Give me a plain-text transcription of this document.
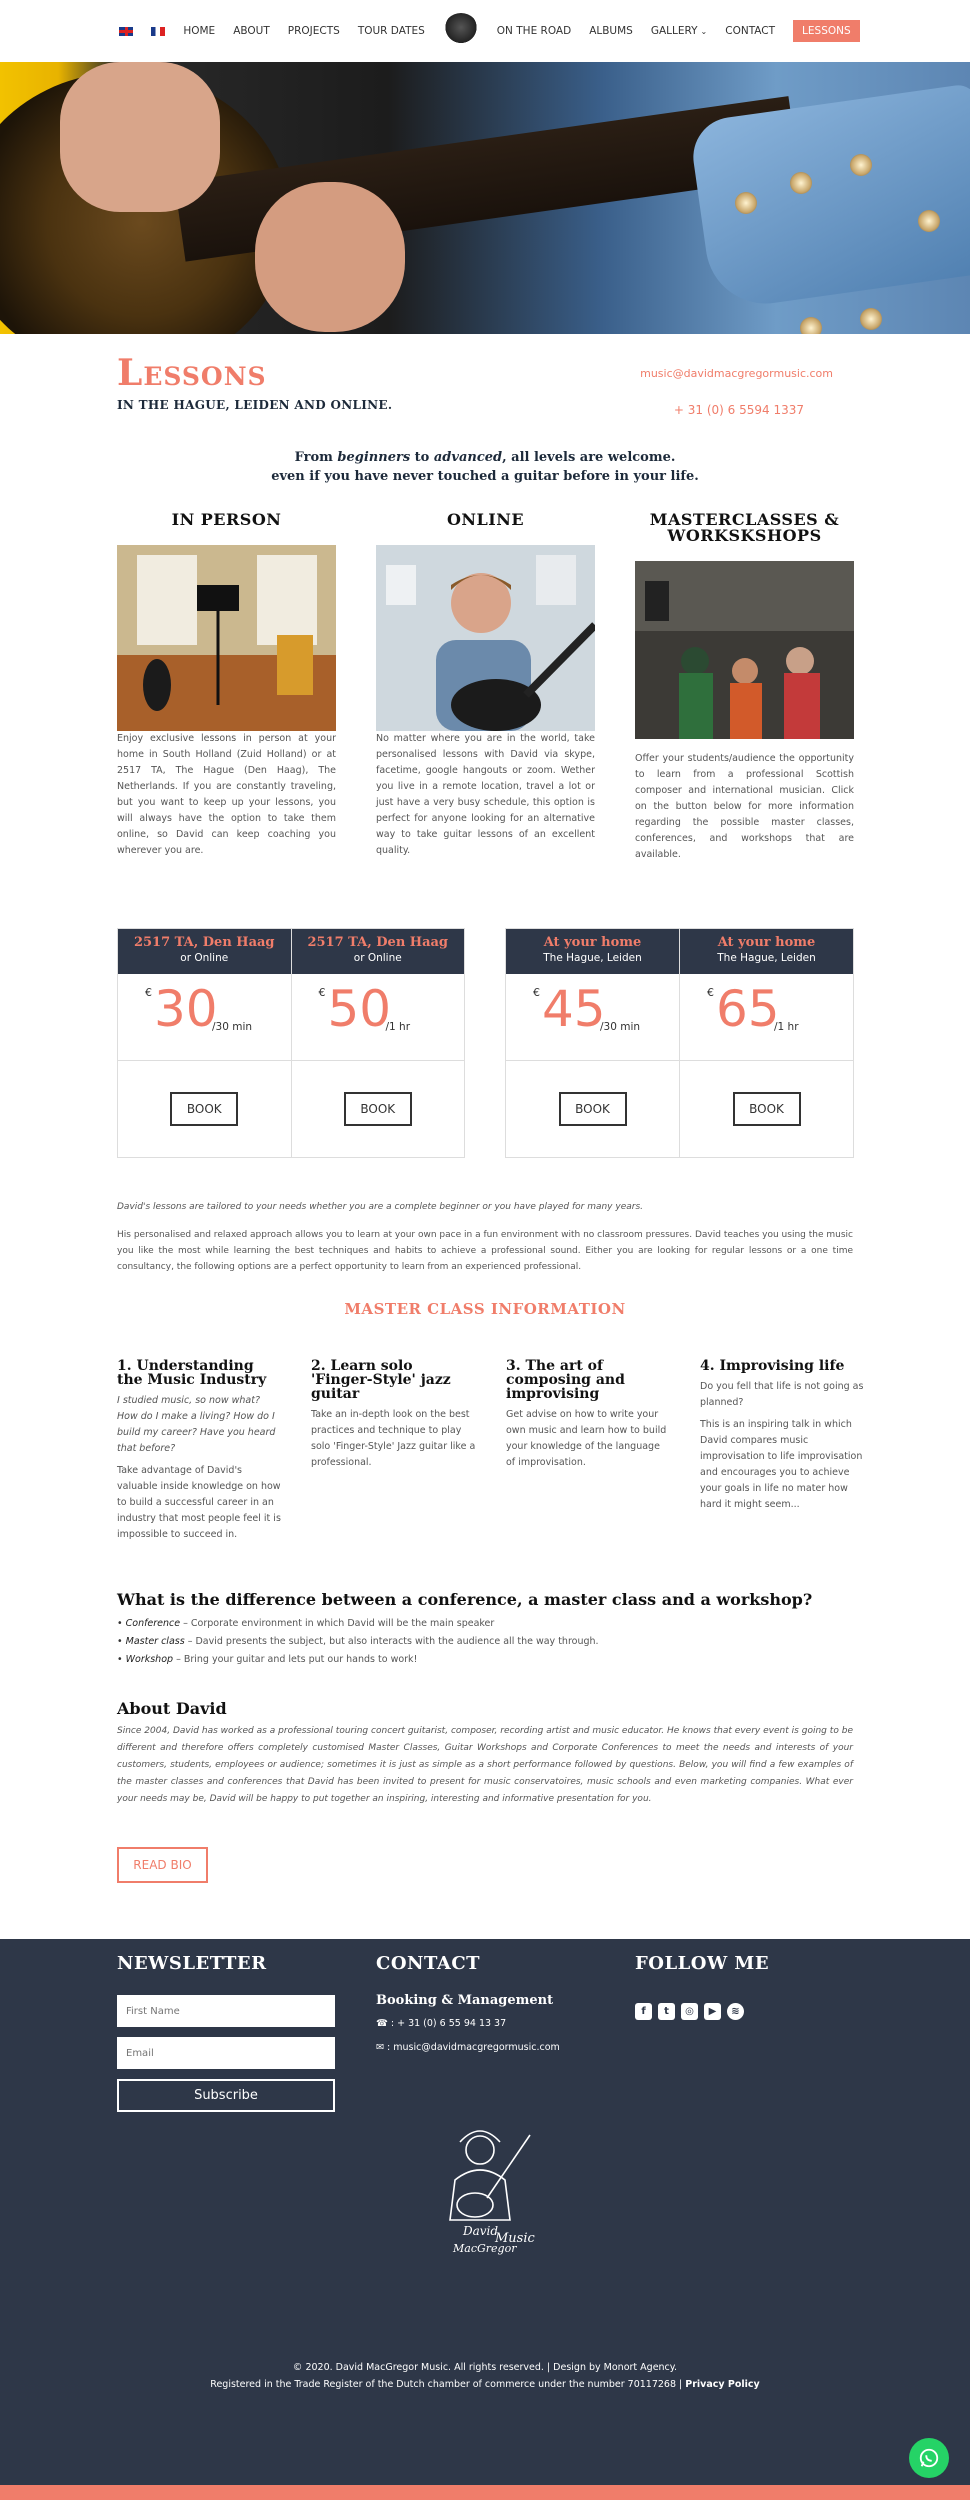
HOME	ABOUT	PROJECTS	TOUR DATES	ON THE ROAD	ALBUMS	GALLERY ⌄	CONTACT	LESSONS
Lessons
IN THE HAGUE, LEIDEN AND ONLINE.
music@davidmacgregormusic.com
+ 31 (0) 6 5594 1337
From beginners to advanced, all levels are welcome.
even if you have never touched a guitar before in your life.
IN PERSON

Enjoy exclusive lessons in person at your home in South Holland (Zuid Holland) or at 2517 TA, The Hague (Den Haag), The Netherlands. If you are constantly traveling, but you want to keep up your lessons, you will always have the option to take them online, so David can keep coaching you wherever you are.

ONLINE

No matter where you are in the world, take personalised lessons with David via skype, facetime, google hangouts or zoom. Wether you live in a remote location, travel a lot or just have a very busy schedule, this option is perfect for anyone looking for an alternative way to take guitar lessons of an excellent quality.

MASTERCLASSES & WORKSKSHOPS

Offer your students/audience the opportunity to learn from a professional Scottish composer and international musician. Click on the button below for more information regarding the possible master classes, conferences, and workshops that are available.

2517 TA, Den Haag
or Online
€ 30
/30 min
BOOK
2517 TA, Den Haag
or Online
€ 50
/1 hr
BOOK
At your home
The Hague, Leiden
€ 45
/30 min
BOOK
At your home
The Hague, Leiden
€ 65
/1 hr
BOOK

David's lessons are tailored to your needs whether you are a complete beginner or you have played for many years.

His personalised and relaxed approach allows you to learn at your own pace in a fun environment with no classroom pressures. David teaches you using the music you like the most while learning the best techniques and habits to achieve a professional sound. Either you are looking for regular lessons or a one time consultancy, the following options are a perfect opportunity to learn from an experienced professional.

MASTER CLASS INFORMATION
1. Understanding the Music Industry

I studied music, so now what? How do I make a living? How do I build my career? Have you heard that before?

Take advantage of David's valuable inside knowledge on how to build a successful career in an industry that most people feel it is impossible to succeed in.

2. Learn solo 'Finger-Style' jazz guitar

Take an in-depth look on the best practices and technique to play solo 'Finger-Style' Jazz guitar like a professional.

3. The art of composing and improvising

Get advise on how to write your own music and learn how to build your knowledge of the language of improvisation.

4. Improvising life

Do you fell that life is not going as planned?

This is an inspiring talk in which David compares music improvisation to life improvisation and encourages you to achieve your goals in life no mater how hard it might seem...

What is the difference between a conference, a master class and a workshop?
• Conference – Corporate environment in which David will be the main speaker
• Master class – David presents the subject, but also interacts with the audience all the way through.
• Workshop – Bring your guitar and lets put our hands to work!
About David

Since 2004, David has worked as a professional touring concert guitarist, composer, recording artist and music educator. He knows that every event is going to be different and therefore offers completely customised Master Classes, Guitar Workshops and Corporate Conferences to meet the needs and interests of your customers, students, employees or audience; sometimes it is just as simple as a short performance followed by questions. Below, you will find a few examples of the master classes and conferences that David has been invited to present for music conservatoires, music schools and even marketing companies. What ever your needs may be, David will be happy to put together an inspiring, interesting and informative presentation for you.

READ BIO
NEWSLETTER	CONTACT	FOLLOW ME
First Name
Email
Subscribe
Booking & Management
☎ : + 31 (0) 6 55 94 13 37
✉ : music@davidmacgregormusic.com
f	t	◎	▶	≋
David
Music
MacGregor
© 2020. David MacGregor Music. All rights reserved. | Design by Monort Agency.
Registered in the Trade Register of the Dutch chamber of commerce under the number 70117268 | Privacy Policy
